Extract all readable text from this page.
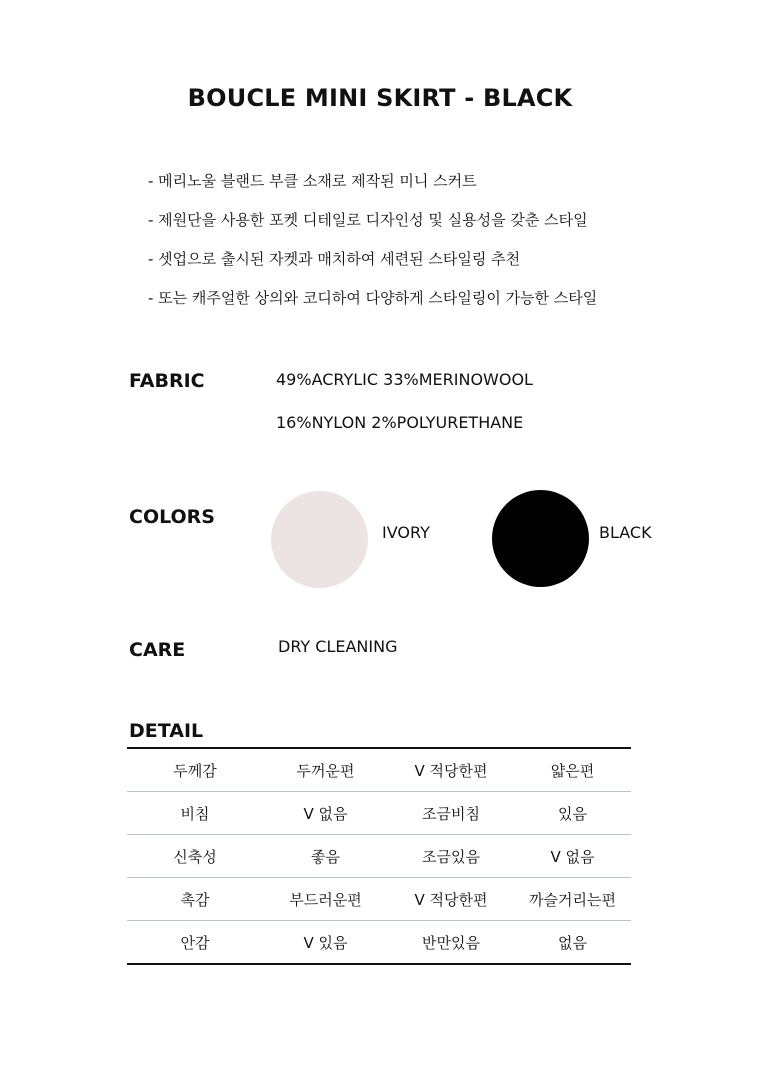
BOUCLE MINI SKIRT - BLACK
- 메리노울 블랜드 부클 소재로 제작된 미니 스커트
- 제원단을 사용한 포켓 디테일로 디자인성 및 실용성을 갖춘 스타일
- 셋업으로 출시된 자켓과 매치하여 세련된 스타일링 추천
- 또는 캐주얼한 상의와 코디하여 다양하게 스타일링이 가능한 스타일
FABRIC	49%ACRYLIC 33%MERINOWOOL
16%NYLON 2%POLYURETHANE
COLORS
IVORY	BLACK
CARE	DRY CLEANING
DETAIL
두께감	두꺼운편	V 적당한편	얇은편
비침	V 없음	조금비침	있음
신축성	좋음	조금있음	V 없음
촉감	부드러운편	V 적당한편	까슬거리는편
안감	V 있음	반만있음	없음
